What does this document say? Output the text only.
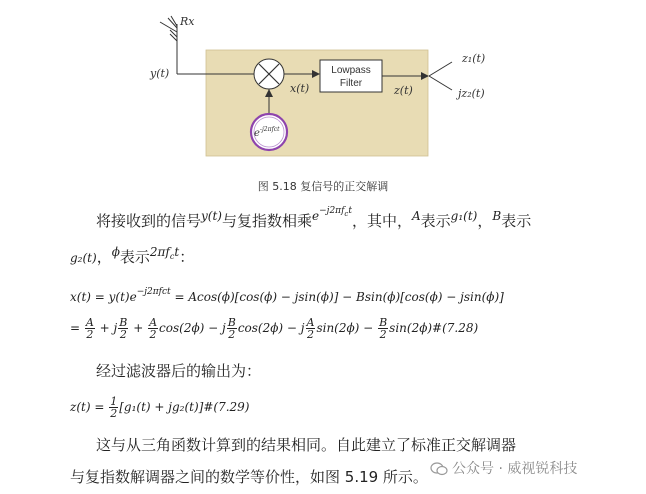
Rx
y(t)
x(t)
Lowpass
Filter
z(t)
z₁(t)
jz₂(t)
$e^{-j2\pi fct}$
图 5.18 复信号的正交解调
将接收到的信号$^{y(t)}$与复指数相乘$^{e^{-j2\pi f_ct}}$，其中，$^A$表示$^{g_1(t)}$，$^B$表示
g₂(t)，$^\phi$表示$^{2\pi f_ct}$：
$x(t) = y(t)e^{-j2\pi fct} = Acos(\phi)[\cos(\phi) - jsin(\phi)] - Bsin(\phi)[\cos(\phi) - jsin(\phi)]$
= $\frac{A}{2} + j \frac{B}{2} + \frac{A}{2} \cos(2\phi) - j \frac{B}{2} \cos(2\phi) - j \frac{A}{2} \sin(2\phi) - \frac{B}{2}$ sin(2ϕ)#(7.28)
经过滤波器后的输出为：
$z(t) = \frac{1}{2} [g_1(t)$ + jg₂(t)]#(7.29)
这与从三角函数计算到的结果相同。自此建立了标准正交解调器
与复指数解调器之间的数学等价性，如图 5.19 所示。	公众号 · 威视锐科技
